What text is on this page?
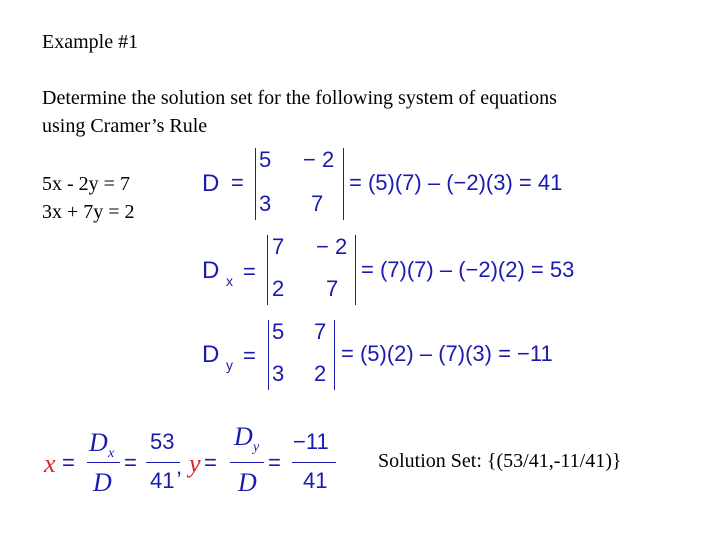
Example #1
Determine the solution set for the following system of equations
using Cramer’s Rule
5x - 2y = 7
3x + 7y = 2
D =
5 − 2
3 7
= (5)(7) – (−2)(3) = 41
D x =
7 − 2
2 7
= (7)(7) – (−2)(2) = 53
D y =
5 7
3 2
= (5)(2) – (7)(3) = −11
x =
D x
D
=
53
41
, y =
D y
D
=
−11
41
Solution Set: {(53/41,-11/41)}
